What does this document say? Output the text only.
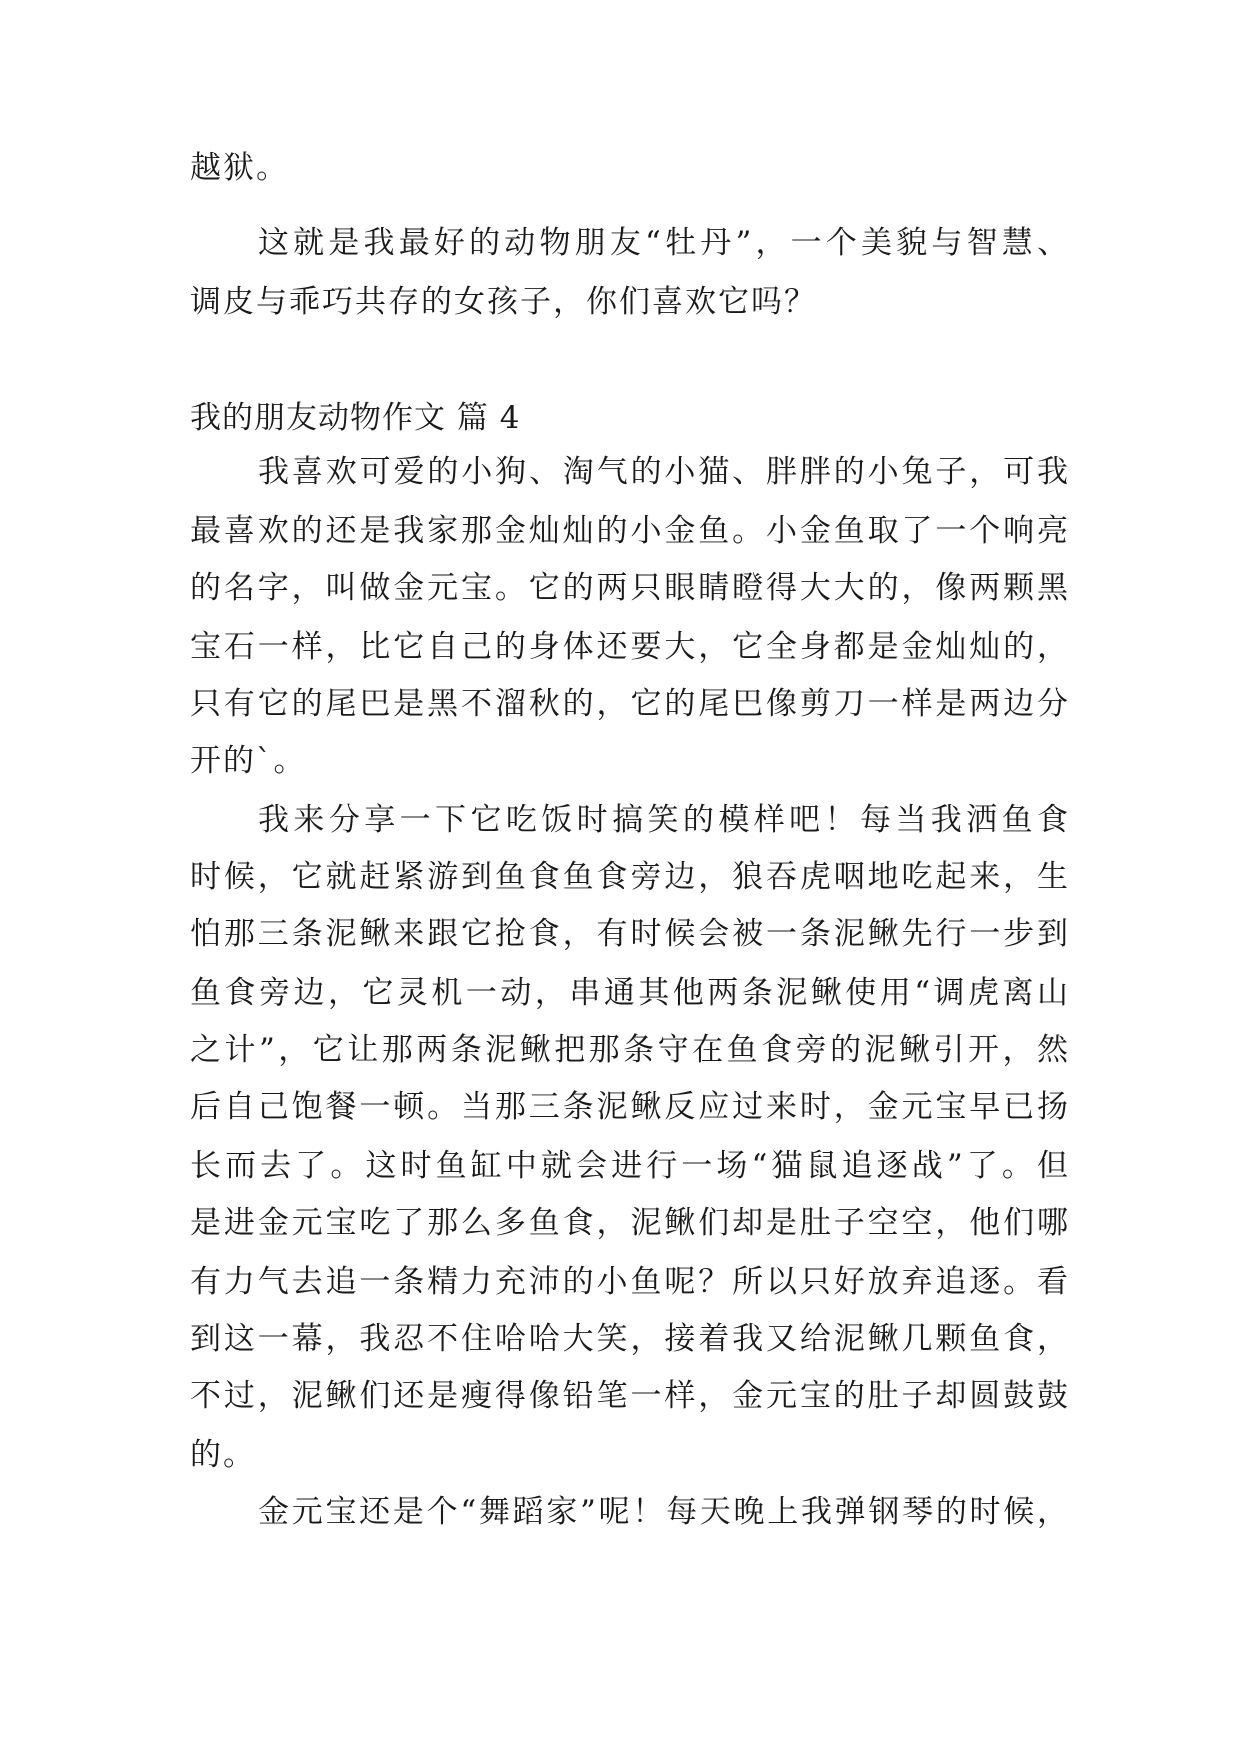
越狱。
这就是我最好的动物朋友“牡丹”，一个美貌与智慧、
调皮与乖巧共存的女孩子，你们喜欢它吗？
我的朋友动物作文 篇 4
我喜欢可爱的小狗、淘气的小猫、胖胖的小兔子，可我
最喜欢的还是我家那金灿灿的小金鱼。小金鱼取了一个响亮
的名字，叫做金元宝。它的两只眼睛瞪得大大的，像两颗黑
宝石一样，比它自己的身体还要大，它全身都是金灿灿的，
只有它的尾巴是黑不溜秋的，它的尾巴像剪刀一样是两边分
开的`。
我来分享一下它吃饭时搞笑的模样吧！每当我洒鱼食
时候，它就赶紧游到鱼食鱼食旁边，狼吞虎咽地吃起来，生
怕那三条泥鳅来跟它抢食，有时候会被一条泥鳅先行一步到
鱼食旁边，它灵机一动，串通其他两条泥鳅使用“调虎离山
之计”，它让那两条泥鳅把那条守在鱼食旁的泥鳅引开，然
后自己饱餐一顿。当那三条泥鳅反应过来时，金元宝早已扬
长而去了。这时鱼缸中就会进行一场“猫鼠追逐战”了。但
是进金元宝吃了那么多鱼食，泥鳅们却是肚子空空，他们哪
有力气去追一条精力充沛的小鱼呢？所以只好放弃追逐。看
到这一幕，我忍不住哈哈大笑，接着我又给泥鳅几颗鱼食，
不过，泥鳅们还是瘦得像铅笔一样，金元宝的肚子却圆鼓鼓
的。
金元宝还是个“舞蹈家”呢！每天晚上我弹钢琴的时候，
